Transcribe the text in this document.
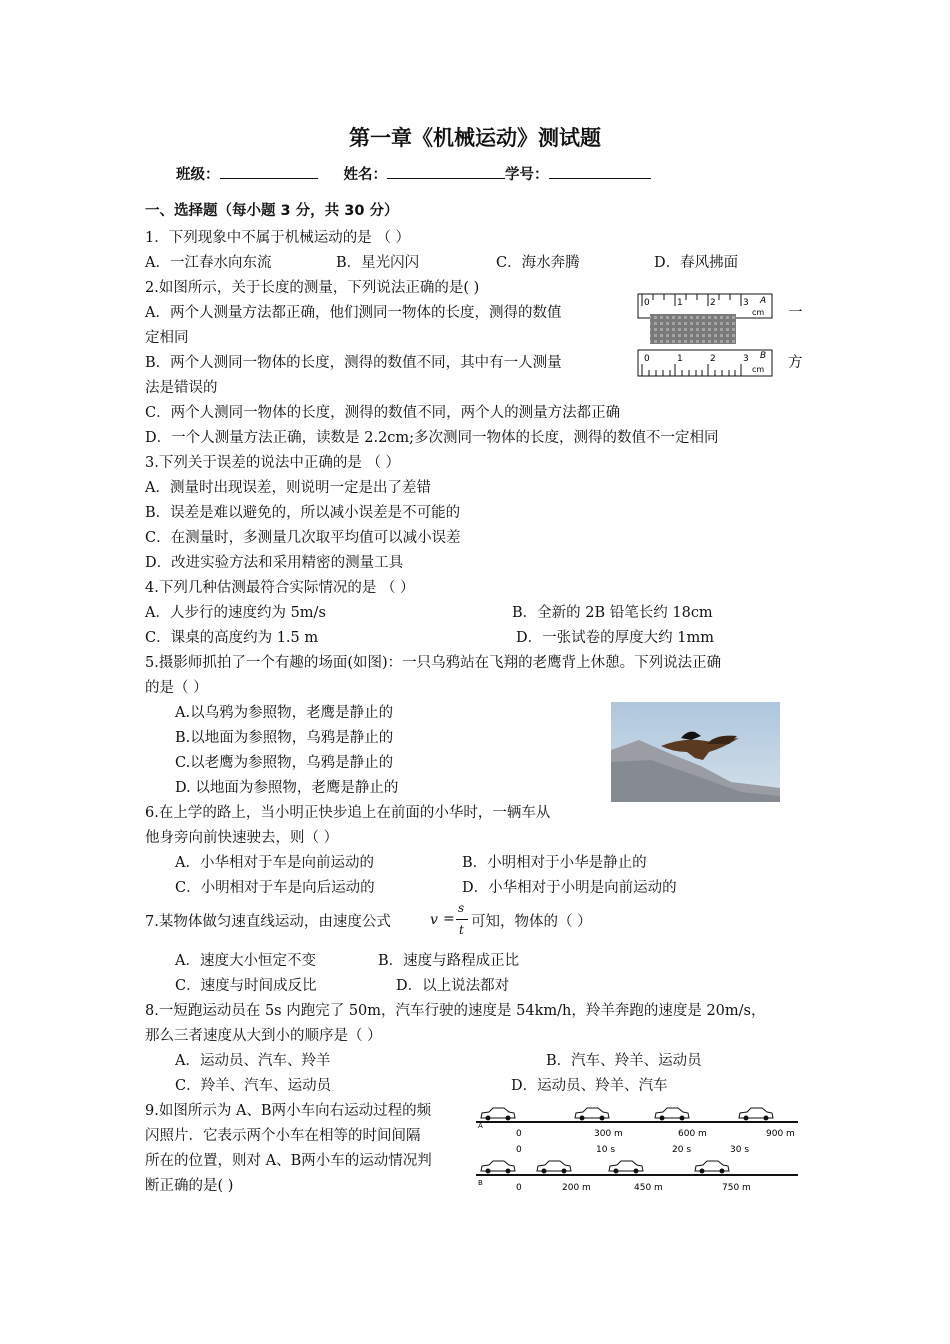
第一章《机械运动》测试题
班级：	姓名：	学号：
一、选择题（每小题 3 分，共 30 分）
1．下列现象中不属于机械运动的是 （ ）
A．一江春水向东流	B．星光闪闪	C．海水奔腾	D．春风拂面
2.如图所示，关于长度的测量，下列说法正确的是( )
A．两个人测量方法都正确，他们测同一物体的长度，测得的数值	一
定相同
B．两个人测同一物体的长度，测得的数值不同，其中有一人测量	方
法是错误的
C．两个人测同一物体的长度，测得的数值不同，两个人的测量方法都正确
D．一个人测量方法正确，读数是 2.2cm;多次测同一物体的长度，测得的数值不一定相同
0	1	2	3 A
cm
0	1	2	3 B
cm
3.下列关于误差的说法中正确的是 （ ）
A．测量时出现误差，则说明一定是出了差错
B．误差是难以避免的，所以减小误差是不可能的
C．在测量时，多测量几次取平均值可以减小误差
D．改进实验方法和采用精密的测量工具
4.下列几种估测最符合实际情况的是 （ ）
A．人步行的速度约为 5m/s	B．全新的 2B 铅笔长约 18cm
C．课桌的高度约为 1.5 m	D．一张试卷的厚度大约 1mm
5.摄影师抓拍了一个有趣的场面(如图)：一只乌鸦站在飞翔的老鹰背上休憩。下列说法正确
的是（ ）
A.以乌鸦为参照物，老鹰是静止的
B.以地面为参照物，乌鸦是静止的
C.以老鹰为参照物，乌鸦是静止的
D. 以地面为参照物，老鹰是静止的
6.在上学的路上，当小明正快步追上在前面的小华时，一辆车从
他身旁向前快速驶去，则（ ）
A．小华相对于车是向前运动的	B．小明相对于小华是静止的
C．小明相对于车是向后运动的	D．小华相对于小明是向前运动的
7.某物体做匀速直线运动，由速度公式	v =
s
t 可知，物体的（ ）
A．速度大小恒定不变	B．速度与路程成正比
C．速度与时间成反比	D．以上说法都对
8.一短跑运动员在 5s 内跑完了 50m，汽车行驶的速度是 54km/h，羚羊奔跑的速度是 20m/s，
那么三者速度从大到小的顺序是（ ）
A．运动员、汽车、羚羊	B．汽车、羚羊、运动员
C．羚羊、汽车、运动员	D．运动员、羚羊、汽车
9.如图所示为 A、B两小车向右运动过程的频
闪照片．它表示两个小车在相等的时间间隔
所在的位置，则对 A、B两小车的运动情况判
断正确的是( )
A
0	300 m	600 m	900 m
0	10 s	20 s	30 s
B	0	200 m	450 m	750 m
